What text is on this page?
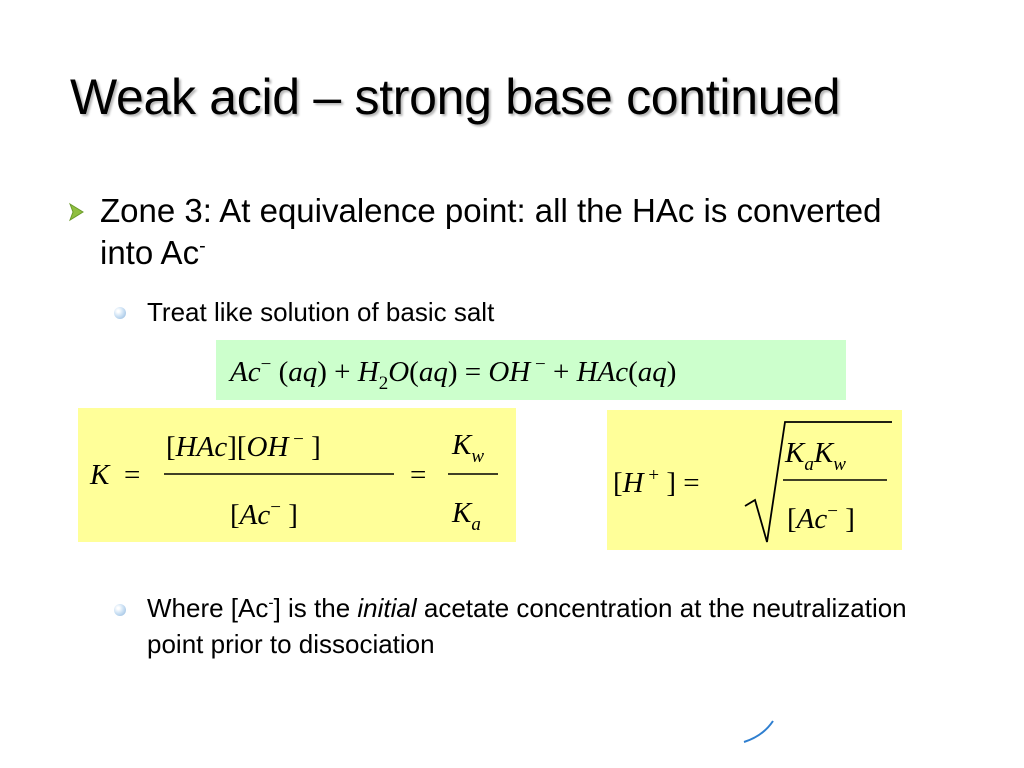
Weak acid – strong base continued
Zone 3: At equivalence point: all the HAc is converted into Ac-
Treat like solution of basic salt
Ac− $(aq) + H_2O(aq)$ = OH − + HAc(aq)
K =
[HAc][OH − ]
[Ac− ]
=
$K_w$
$K_a$
[H + ] =
$K_aK_w$
[Ac− ]
Where [Ac-] is the initial acetate concentration at the neutralization point prior to dissociation
